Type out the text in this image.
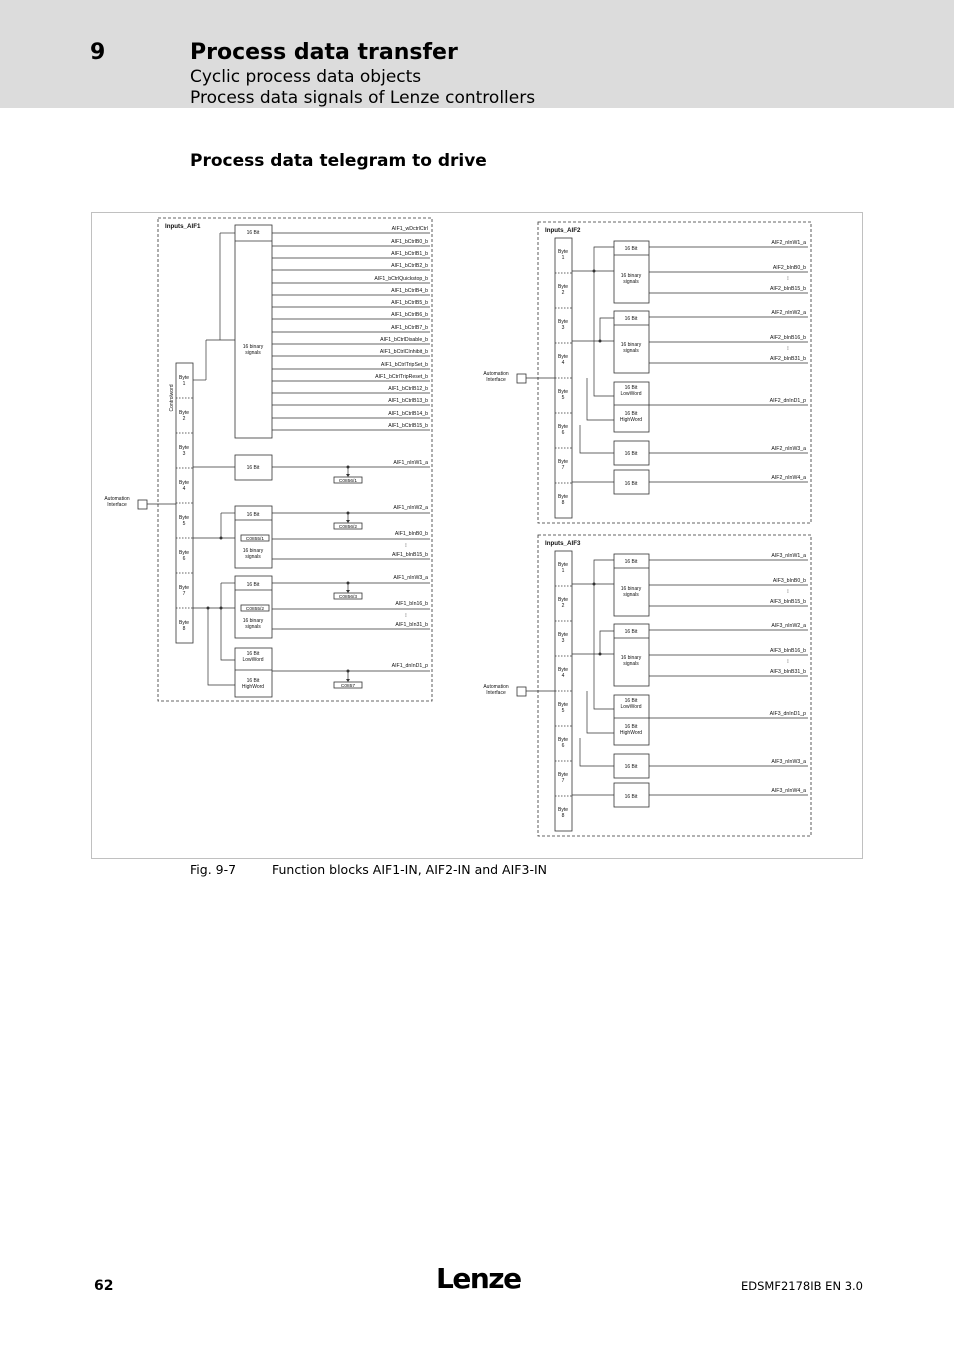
9	Process data transfer
Cyclic process data objects
Process data signals of Lenze controllers
Process data telegram to drive
Inputs_AIF1
Automation
Interface
Byte
1
Byte
2
Byte
3
Byte
4
Byte
5
Byte
6
Byte
7
Byte
8
Controlword
16 Bit
16 binary
signals
AIF1_wDctrlCtrl
AIF1_bCtrlB0_b
AIF1_bCtrlB1_b
AIF1_bCtrlB2_b
AIF1_bCtrlQuickstop_b
AIF1_bCtrlB4_b
AIF1_bCtrlB5_b
AIF1_bCtrlB6_b
AIF1_bCtrlB7_b
AIF1_bCtrlDisable_b
AIF1_bCtrlCInhibit_b
AIF1_bCtrlTripSet_b
AIF1_bCtrlTripReset_b
AIF1_bCtrlB12_b
AIF1_bCtrlB13_b
AIF1_bCtrlB14_b
AIF1_bCtrlB15_b
16 Bit
AIF1_nInW1_a
C0856/1
16 Bit
C0855/1
16 binary
signals
AIF1_nInW2_a
C0856/2
AIF1_bInB0_b
⁞
AIF1_bInB15_b
16 Bit
C0855/2
16 binary
signals
AIF1_nInW3_a
C0856/3
AIF1_bIn16_b
⁞
AIF1_bIn31_b
16 Bit
LowWord
16 Bit
HighWord
AIF1_dnInD1_p
C0857
Inputs_AIF2
Automation
Interface
Byte
1
Byte
2
Byte
3
Byte
4
Byte
5
Byte
6
Byte
7
Byte
8
16 Bit
16 binary
signals
AIF2_nInW1_a
AIF2_bInB0_b
⁞
AIF2_bInB15_b
16 Bit
16 binary
signals
AIF2_nInW2_a
AIF2_bInB16_b
⁞
AIF2_bInB31_b
16 Bit
LowWord
16 Bit
HighWord
AIF2_dnInD1_p
16 Bit
AIF2_nInW3_a
16 Bit
AIF2_nInW4_a
Inputs_AIF3
Automation
Interface
Byte
1
Byte
2
Byte
3
Byte
4
Byte
5
Byte
6
Byte
7
Byte
8
16 Bit
16 binary
signals
AIF3_nInW1_a
AIF3_bInB0_b
⁞
AIF3_bInB15_b
16 Bit
16 binary
signals
AIF3_nInW2_a
AIF3_bInB16_b
⁞
AIF3_bInB31_b
16 Bit
LowWord
16 Bit
HighWord
AIF3_dnInD1_p
16 Bit
AIF3_nInW3_a
16 Bit
AIF3_nInW4_a
Fig. 9-7	Function blocks AIF1-IN, AIF2-IN and AIF3-IN
62	Lenze	EDSMF2178IB EN 3.0
